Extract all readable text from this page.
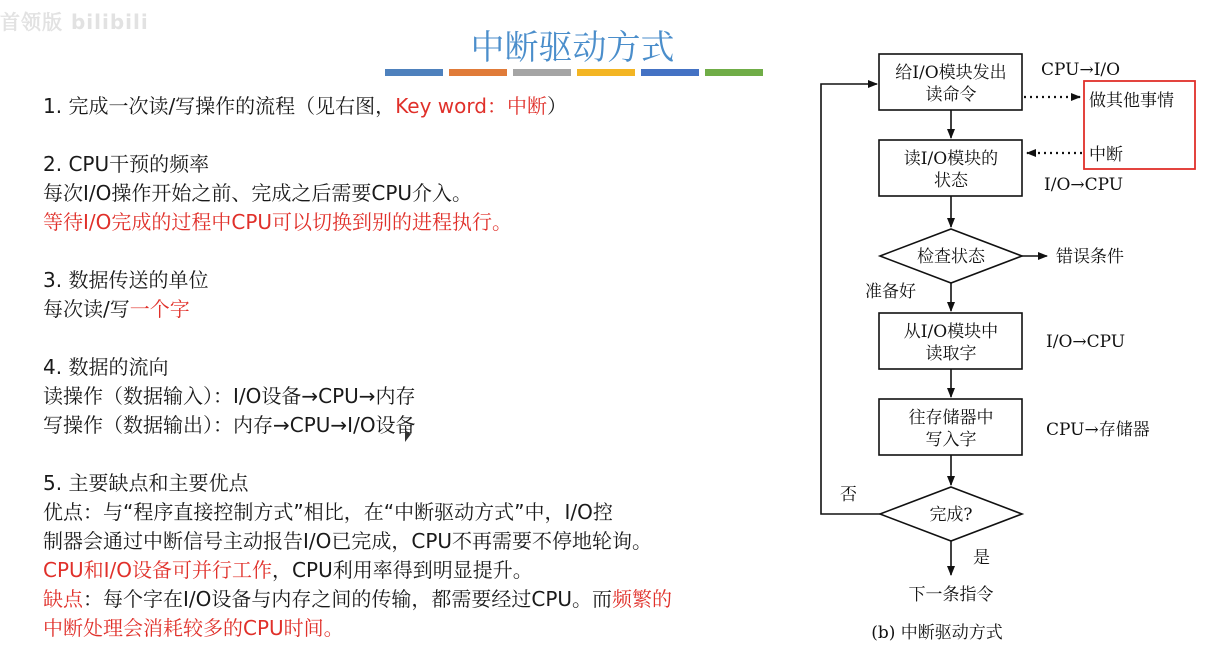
首领版 bilibili
中断驱动方式

1. 完成一次读/写操作的流程（见右图，Key word：中断）

2. CPU干预的频率

每次I/O操作开始之前、完成之后需要CPU介入。

等待I/O完成的过程中CPU可以切换到别的进程执行。

3. 数据传送的单位

每次读/写一个字

4. 数据的流向

读操作（数据输入）：I/O设备→CPU→内存

写操作（数据输出）：内存→CPU→I/O设备

5. 主要缺点和主要优点

优点：与“程序直接控制方式”相比，在“中断驱动方式”中，I/O控

制器会通过中断信号主动报告I/O已完成，CPU不再需要不停地轮询。

CPU和I/O设备可并行工作，CPU利用率得到明显提升。

缺点：每个字在I/O设备与内存之间的传输，都需要经过CPU。而频繁的

中断处理会消耗较多的CPU时间。

给I/O模块发出
读命令
读I/O模块的
状态
检查状态
从I/O模块中
读取字
往存储器中
写入字
完成?
CPU→I/O
做其他事情
中断
I/O→CPU
错误条件
准备好
I/O→CPU
CPU→存储器
否
是
下一条指令
(b) 中断驱动方式
